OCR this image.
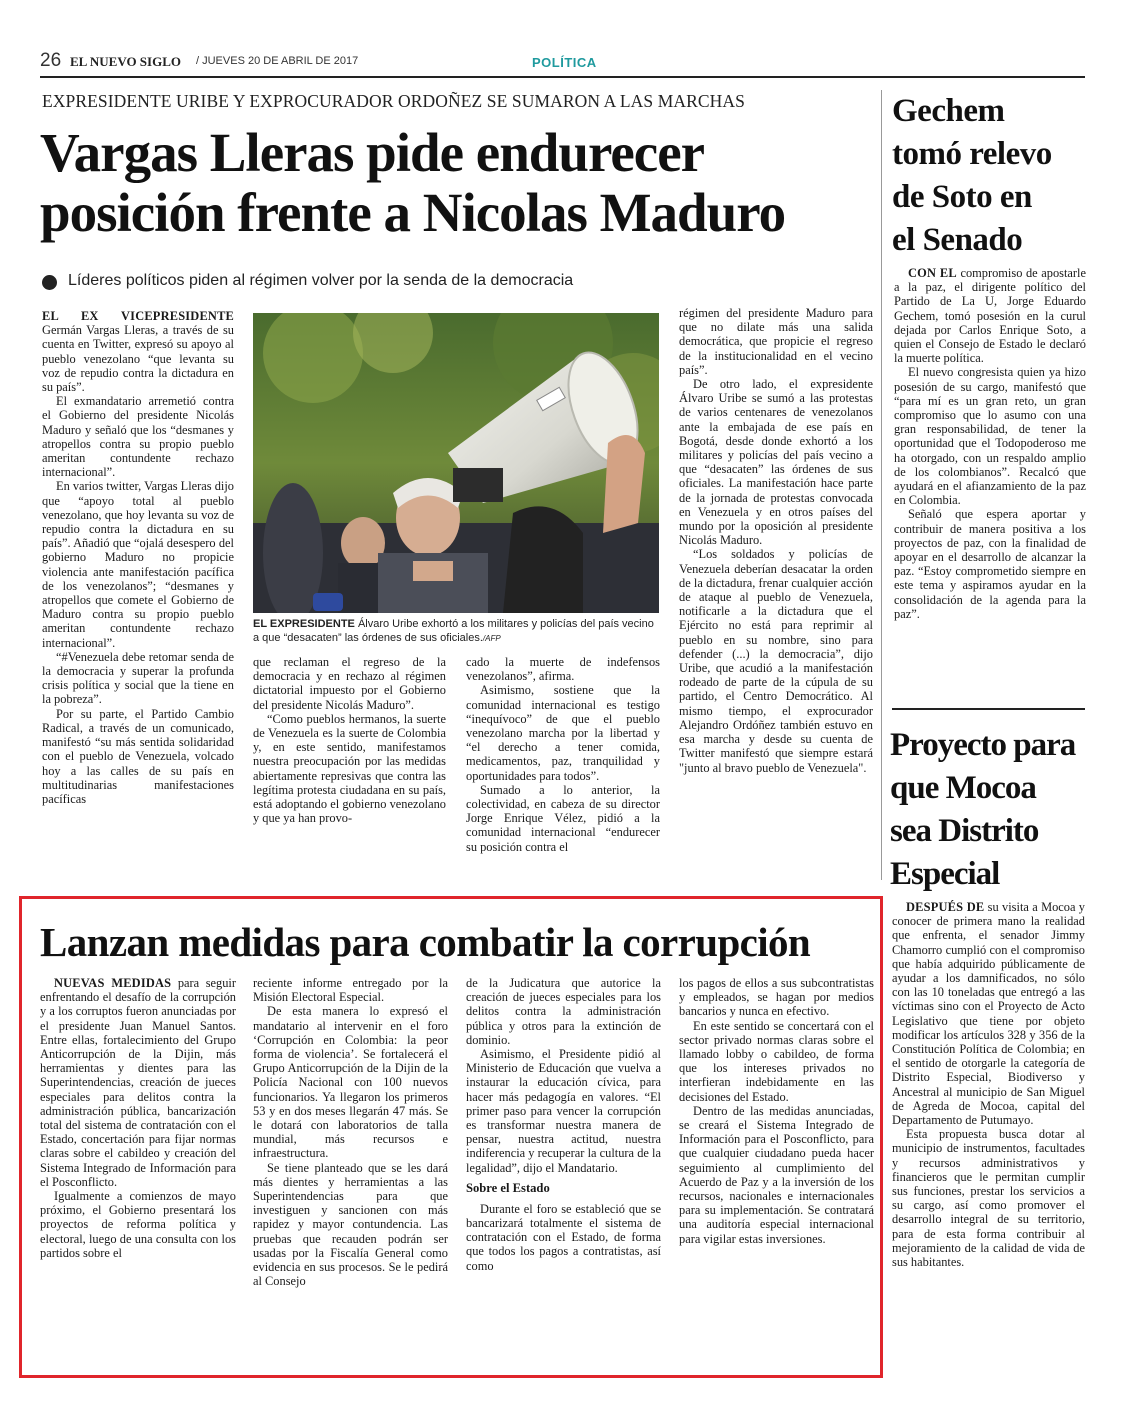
26 EL NUEVO SIGLO / JUEVES 20 DE ABRIL DE 2017	POLÍTICA
EXPRESIDENTE URIBE Y EXPROCURADOR ORDOÑEZ SE SUMARON A LAS MARCHAS
Vargas Lleras pide endurecer
posición frente a Nicolas Maduro
Líderes políticos piden al régimen volver por la senda de la democracia

EL EX VICEPRESIDENTE Germán Vargas Lleras, a través de su cuenta en Twitter, expresó su apoyo al pueblo venezolano “que levanta su voz de repudio contra la dictadura en su país”.

El exmandatario arremetió contra el Gobierno del presidente Nicolás Maduro y señaló que los “desmanes y atropellos contra su propio pueblo ameritan contundente rechazo internacional”.

En varios twitter, Vargas Lleras dijo que “apoyo total al pueblo venezolano, que hoy levanta su voz de repudio contra la dictadura en su país”. Añadió que “ojalá desespero del gobierno Maduro no propicie violencia ante manifestación pacífica de los venezolanos”; “desmanes y atropellos que comete el Gobierno de Maduro contra su propio pueblo ameritan contundente rechazo internacional”.

“#Venezuela debe retomar senda de la democracia y superar la profunda crisis política y social que la tiene en la pobreza”.

Por su parte, el Partido Cambio Radical, a través de un comunicado, manifestó “su más sentida solidaridad con el pueblo de Venezuela, volcado hoy a las calles de su país en multitudinarias manifestaciones pacíficas

EL EXPRESIDENTE Álvaro Uribe exhortó a los militares y policías del país vecino a que “desacaten” las órdenes de sus oficiales./AFP

que reclaman el regreso de la democracia y en rechazo al régimen dictatorial impuesto por el Gobierno del presidente Nicolás Maduro”.

“Como pueblos hermanos, la suerte de Venezuela es la suerte de Colombia y, en este sentido, manifestamos nuestra preocupación por las medidas abiertamente represivas que contra las legítima protesta ciudadana en su país, está adoptando el gobierno venezolano y que ya han provo-

cado la muerte de indefensos venezolanos”, afirma.

Asimismo, sostiene que la comunidad internacional es testigo “inequívoco” de que el pueblo venezolano marcha por la libertad y “el derecho a tener comida, medicamentos, paz, tranquilidad y oportunidades para todos”.

Sumado a lo anterior, la colectividad, en cabeza de su director Jorge Enrique Vélez, pidió a la comunidad internacional “endurecer su posición contra el

régimen del presidente Maduro para que no dilate más una salida democrática, que propicie el regreso de la institucionalidad en el vecino país”.

De otro lado, el expresidente Álvaro Uribe se sumó a las protestas de varios centenares de venezolanos ante la embajada de ese país en Bogotá, desde donde exhortó a los militares y policías del país vecino a que “desacaten” las órdenes de sus oficiales. La manifestación hace parte de la jornada de protestas convocada en Venezuela y en otros países del mundo por la oposición al presidente Nicolás Maduro.

“Los soldados y policías de Venezuela deberían desacatar la orden de la dictadura, frenar cualquier acción de ataque al pueblo de Venezuela, notificarle a la dictadura que el Ejército no está para reprimir al pueblo en su nombre, sino para defender (...) la democracia”, dijo Uribe, que acudió a la manifestación rodeado de parte de la cúpula de su partido, el Centro Democrático. Al mismo tiempo, el exprocurador Alejandro Ordóñez también estuvo en esa marcha y desde su cuenta de Twitter manifestó que siempre estará "junto al bravo pueblo de Venezuela".

Gechem
tomó relevo
de Soto en
el Senado

CON EL compromiso de apostarle a la paz, el dirigente político del Partido de La U, Jorge Eduardo Gechem, tomó posesión en la curul dejada por Carlos Enrique Soto, a quien el Consejo de Estado le declaró la muerte política.

El nuevo congresista quien ya hizo posesión de su cargo, manifestó que “para mí es un gran reto, un gran compromiso que lo asumo con una gran responsabilidad, de tener la oportunidad que el Todopoderoso me ha otorgado, con un respaldo amplio de los colombianos”. Recalcó que ayudará en el afianzamiento de la paz en Colombia.

Señaló que espera aportar y contribuir de manera positiva a los proyectos de paz, con la finalidad de apoyar en el desarrollo de alcanzar la paz. “Estoy comprometido siempre en este tema y aspiramos ayudar en la consolidación de la agenda para la paz”.

Proyecto para
que Mocoa
sea Distrito
Especial

DESPUÉS DE su visita a Mocoa y conocer de primera mano la realidad que enfrenta, el senador Jimmy Chamorro cumplió con el compromiso que había adquirido públicamente de ayudar a los damnificados, no sólo con las 10 toneladas que entregó a las víctimas sino con el Proyecto de Acto Legislativo que tiene por objeto modificar los artículos 328 y 356 de la Constitución Política de Colombia; en el sentido de otorgarle la categoría de Distrito Especial, Biodiverso y Ancestral al municipio de San Miguel de Agreda de Mocoa, capital del Departamento de Putumayo.

Esta propuesta busca dotar al municipio de instrumentos, facultades y recursos administrativos y financieros que le permitan cumplir sus funciones, prestar los servicios a su cargo, así como promover el desarrollo integral de su territorio, para de esta forma contribuir al mejoramiento de la calidad de vida de sus habitantes.

Lanzan medidas para combatir la corrupción

NUEVAS MEDIDAS para seguir enfrentando el desafío de la corrupción y a los corruptos fueron anunciadas por el presidente Juan Manuel Santos. Entre ellas, fortalecimiento del Grupo Anticorrupción de la Dijin, más herramientas y dientes para las Superintendencias, creación de jueces especiales para delitos contra la administración pública, bancarización total del sistema de contratación con el Estado, concertación para fijar normas claras sobre el cabildeo y creación del Sistema Integrado de Información para el Posconflicto.

Igualmente a comienzos de mayo próximo, el Gobierno presentará los proyectos de reforma política y electoral, luego de una consulta con los partidos sobre el

reciente informe entregado por la Misión Electoral Especial.

De esta manera lo expresó el mandatario al intervenir en el foro ‘Corrupción en Colombia: la peor forma de violencia’. Se fortalecerá el Grupo Anticorrupción de la Dijin de la Policía Nacional con 100 nuevos funcionarios. Ya llegaron los primeros 53 y en dos meses llegarán 47 más. Se le dotará con laboratorios de talla mundial, más recursos e infraestructura.

Se tiene planteado que se les dará más dientes y herramientas a las Superintendencias para que investiguen y sancionen con más rapidez y mayor contundencia. Las pruebas que recauden podrán ser usadas por la Fiscalía General como evidencia en sus procesos. Se le pedirá al Consejo

de la Judicatura que autorice la creación de jueces especiales para los delitos contra la administración pública y otros para la extinción de dominio.

Asimismo, el Presidente pidió al Ministerio de Educación que vuelva a instaurar la educación cívica, para hacer más pedagogía en valores. “El primer paso para vencer la corrupción es transformar nuestra manera de pensar, nuestra actitud, nuestra indiferencia y recuperar la cultura de la legalidad”, dijo el Mandatario.

Sobre el Estado

Durante el foro se estableció que se bancarizará totalmente el sistema de contratación con el Estado, de forma que todos los pagos a contratistas, así como

los pagos de ellos a sus subcontratistas y empleados, se hagan por medios bancarios y nunca en efectivo.

En este sentido se concertará con el sector privado normas claras sobre el llamado lobby o cabildeo, de forma que los intereses privados no interfieran indebidamente en las decisiones del Estado.

Dentro de las medidas anunciadas, se creará el Sistema Integrado de Información para el Posconflicto, para que cualquier ciudadano pueda hacer seguimiento al cumplimiento del Acuerdo de Paz y a la inversión de los recursos, nacionales e internacionales para su implementación. Se contratará una auditoría especial internacional para vigilar estas inversiones.
